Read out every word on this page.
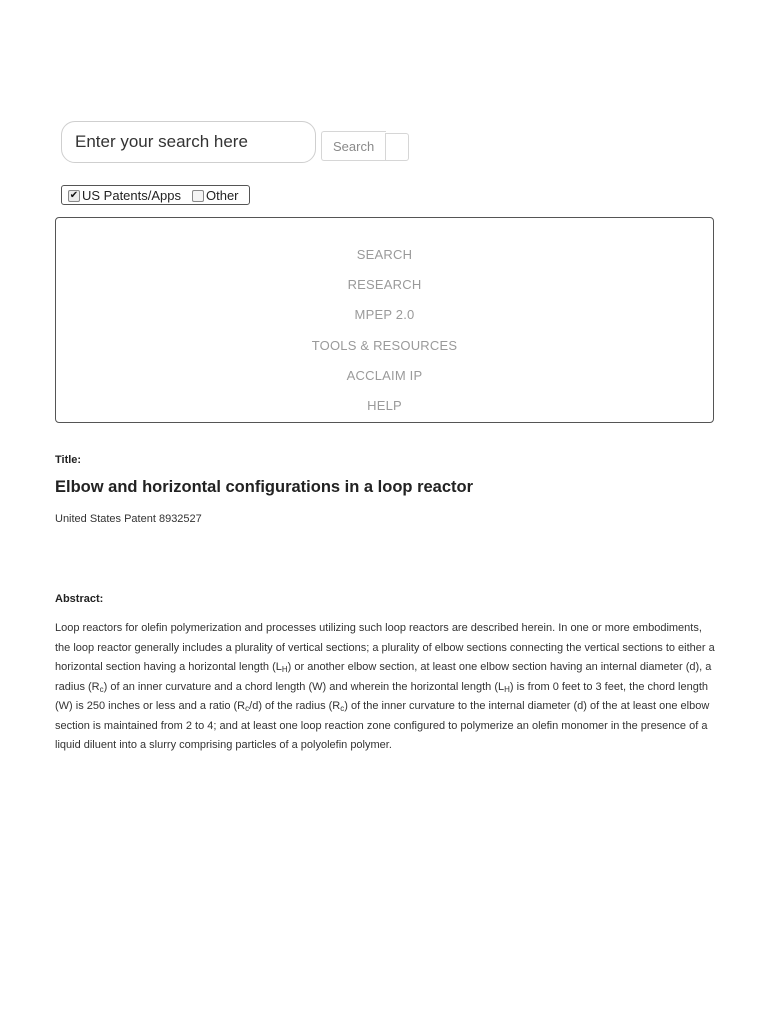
Enter your search here
Search
✔ US Patents/Apps Other
SEARCH
RESEARCH
MPEP 2.0
TOOLS & RESOURCES
ACCLAIM IP
HELP
Title:
Elbow and horizontal configurations in a loop reactor
United States Patent 8932527
Abstract:

Loop reactors for olefin polymerization and processes utilizing such loop reactors are described herein. In one or more embodiments, the loop reactor generally includes a plurality of vertical sections; a plurality of elbow sections connecting the vertical sections to either a horizontal section having a horizontal length $(L_H)$ or another elbow section, at least one elbow section having an internal diameter (d), a radius $(R_c)$ of an inner curvature and a chord length (W) and wherein the horizontal length $(L_H)$ is from 0 feet to 3 feet, the chord length (W) is 250 inches or less and a ratio $(R_c/d)$ of the radius $(R_c)$ of the inner curvature to the internal diameter (d) of the at least one elbow section is maintained from 2 to 4; and at least one loop reaction zone configured to polymerize an olefin monomer in the presence of a liquid diluent into a slurry comprising particles of a polyolefin polymer.
